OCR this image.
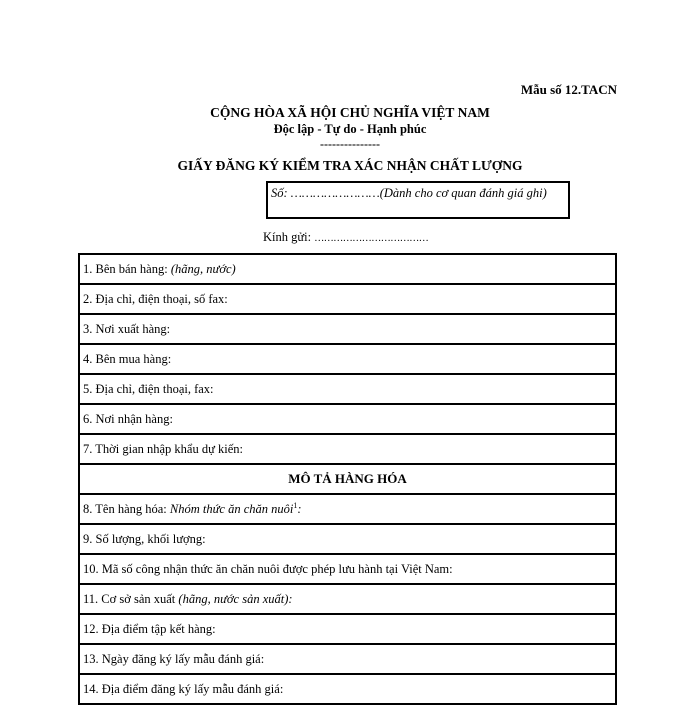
Mẫu số 12.TACN
CỘNG HÒA XÃ HỘI CHỦ NGHĨA VIỆT NAM
Độc lập - Tự do - Hạnh phúc
---------------
GIẤY ĐĂNG KÝ KIỂM TRA XÁC NHẬN CHẤT LƯỢNG
Số: ……………………(Dành cho cơ quan đánh giá ghi)
Kính gửi: ………………………………
1. Bên bán hàng: (hãng, nước)
2. Địa chỉ, điện thoại, số fax:
3. Nơi xuất hàng:
4. Bên mua hàng:
5. Địa chỉ, điện thoại, fax:
6. Nơi nhận hàng:
7. Thời gian nhập khẩu dự kiến:
MÔ TẢ HÀNG HÓA
8. Tên hàng hóa: Nhóm thức ăn chăn nuôi$^1$:
9. Số lượng, khối lượng:
10. Mã số công nhận thức ăn chăn nuôi được phép lưu hành tại Việt Nam:
11. Cơ sở sản xuất (hãng, nước sản xuất):
12. Địa điểm tập kết hàng:
13. Ngày đăng ký lấy mẫu đánh giá:
14. Địa điểm đăng ký lấy mẫu đánh giá:
